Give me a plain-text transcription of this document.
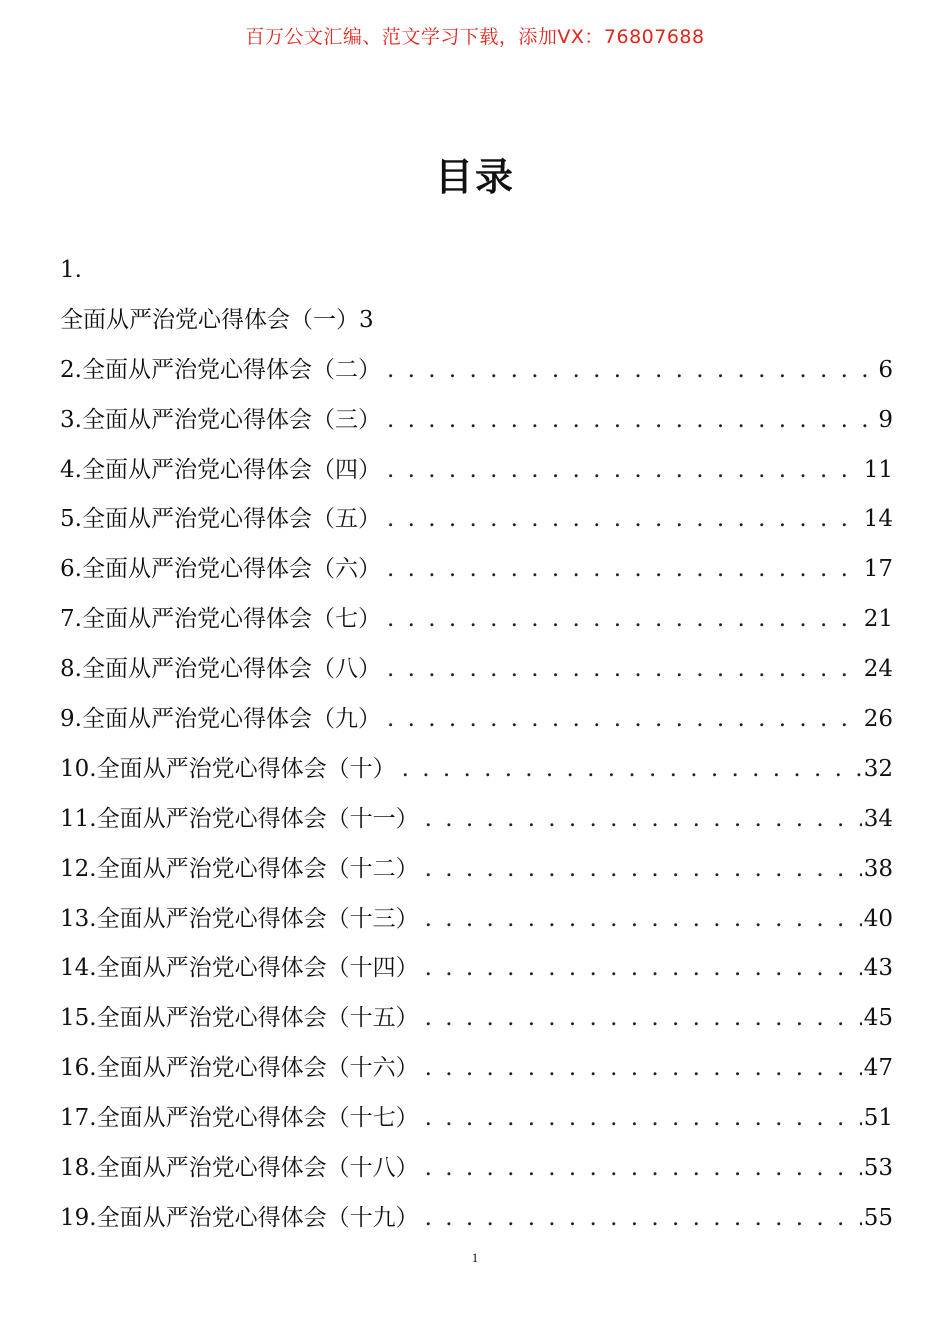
百万公文汇编、范文学习下载，添加VX：76807688
目录
1.
全面从严治党心得体会（一） 3
2.全面从严治党心得体会（二） . . .	6
3.全面从严治党心得体会（三） . . .	9
4.全面从严治党心得体会（四） . . .	11
5.全面从严治党心得体会（五） . . .	14
6.全面从严治党心得体会（六） . . .	17
7.全面从严治党心得体会（七） . . .	21
8.全面从严治党心得体会（八） . . .	24
9.全面从严治党心得体会（九） . . .	26
10.全面从严治党心得体会（十） . . .	32
11.全面从严治党心得体会（十一） . . .	34
12.全面从严治党心得体会（十二） . . .	38
13.全面从严治党心得体会（十三） . . .	40
14.全面从严治党心得体会（十四） . . .	43
15.全面从严治党心得体会（十五） . . .	45
16.全面从严治党心得体会（十六） . . .	47
17.全面从严治党心得体会（十七） . . .	51
18.全面从严治党心得体会（十八） . . .	53
19.全面从严治党心得体会（十九） . . .	55
1
